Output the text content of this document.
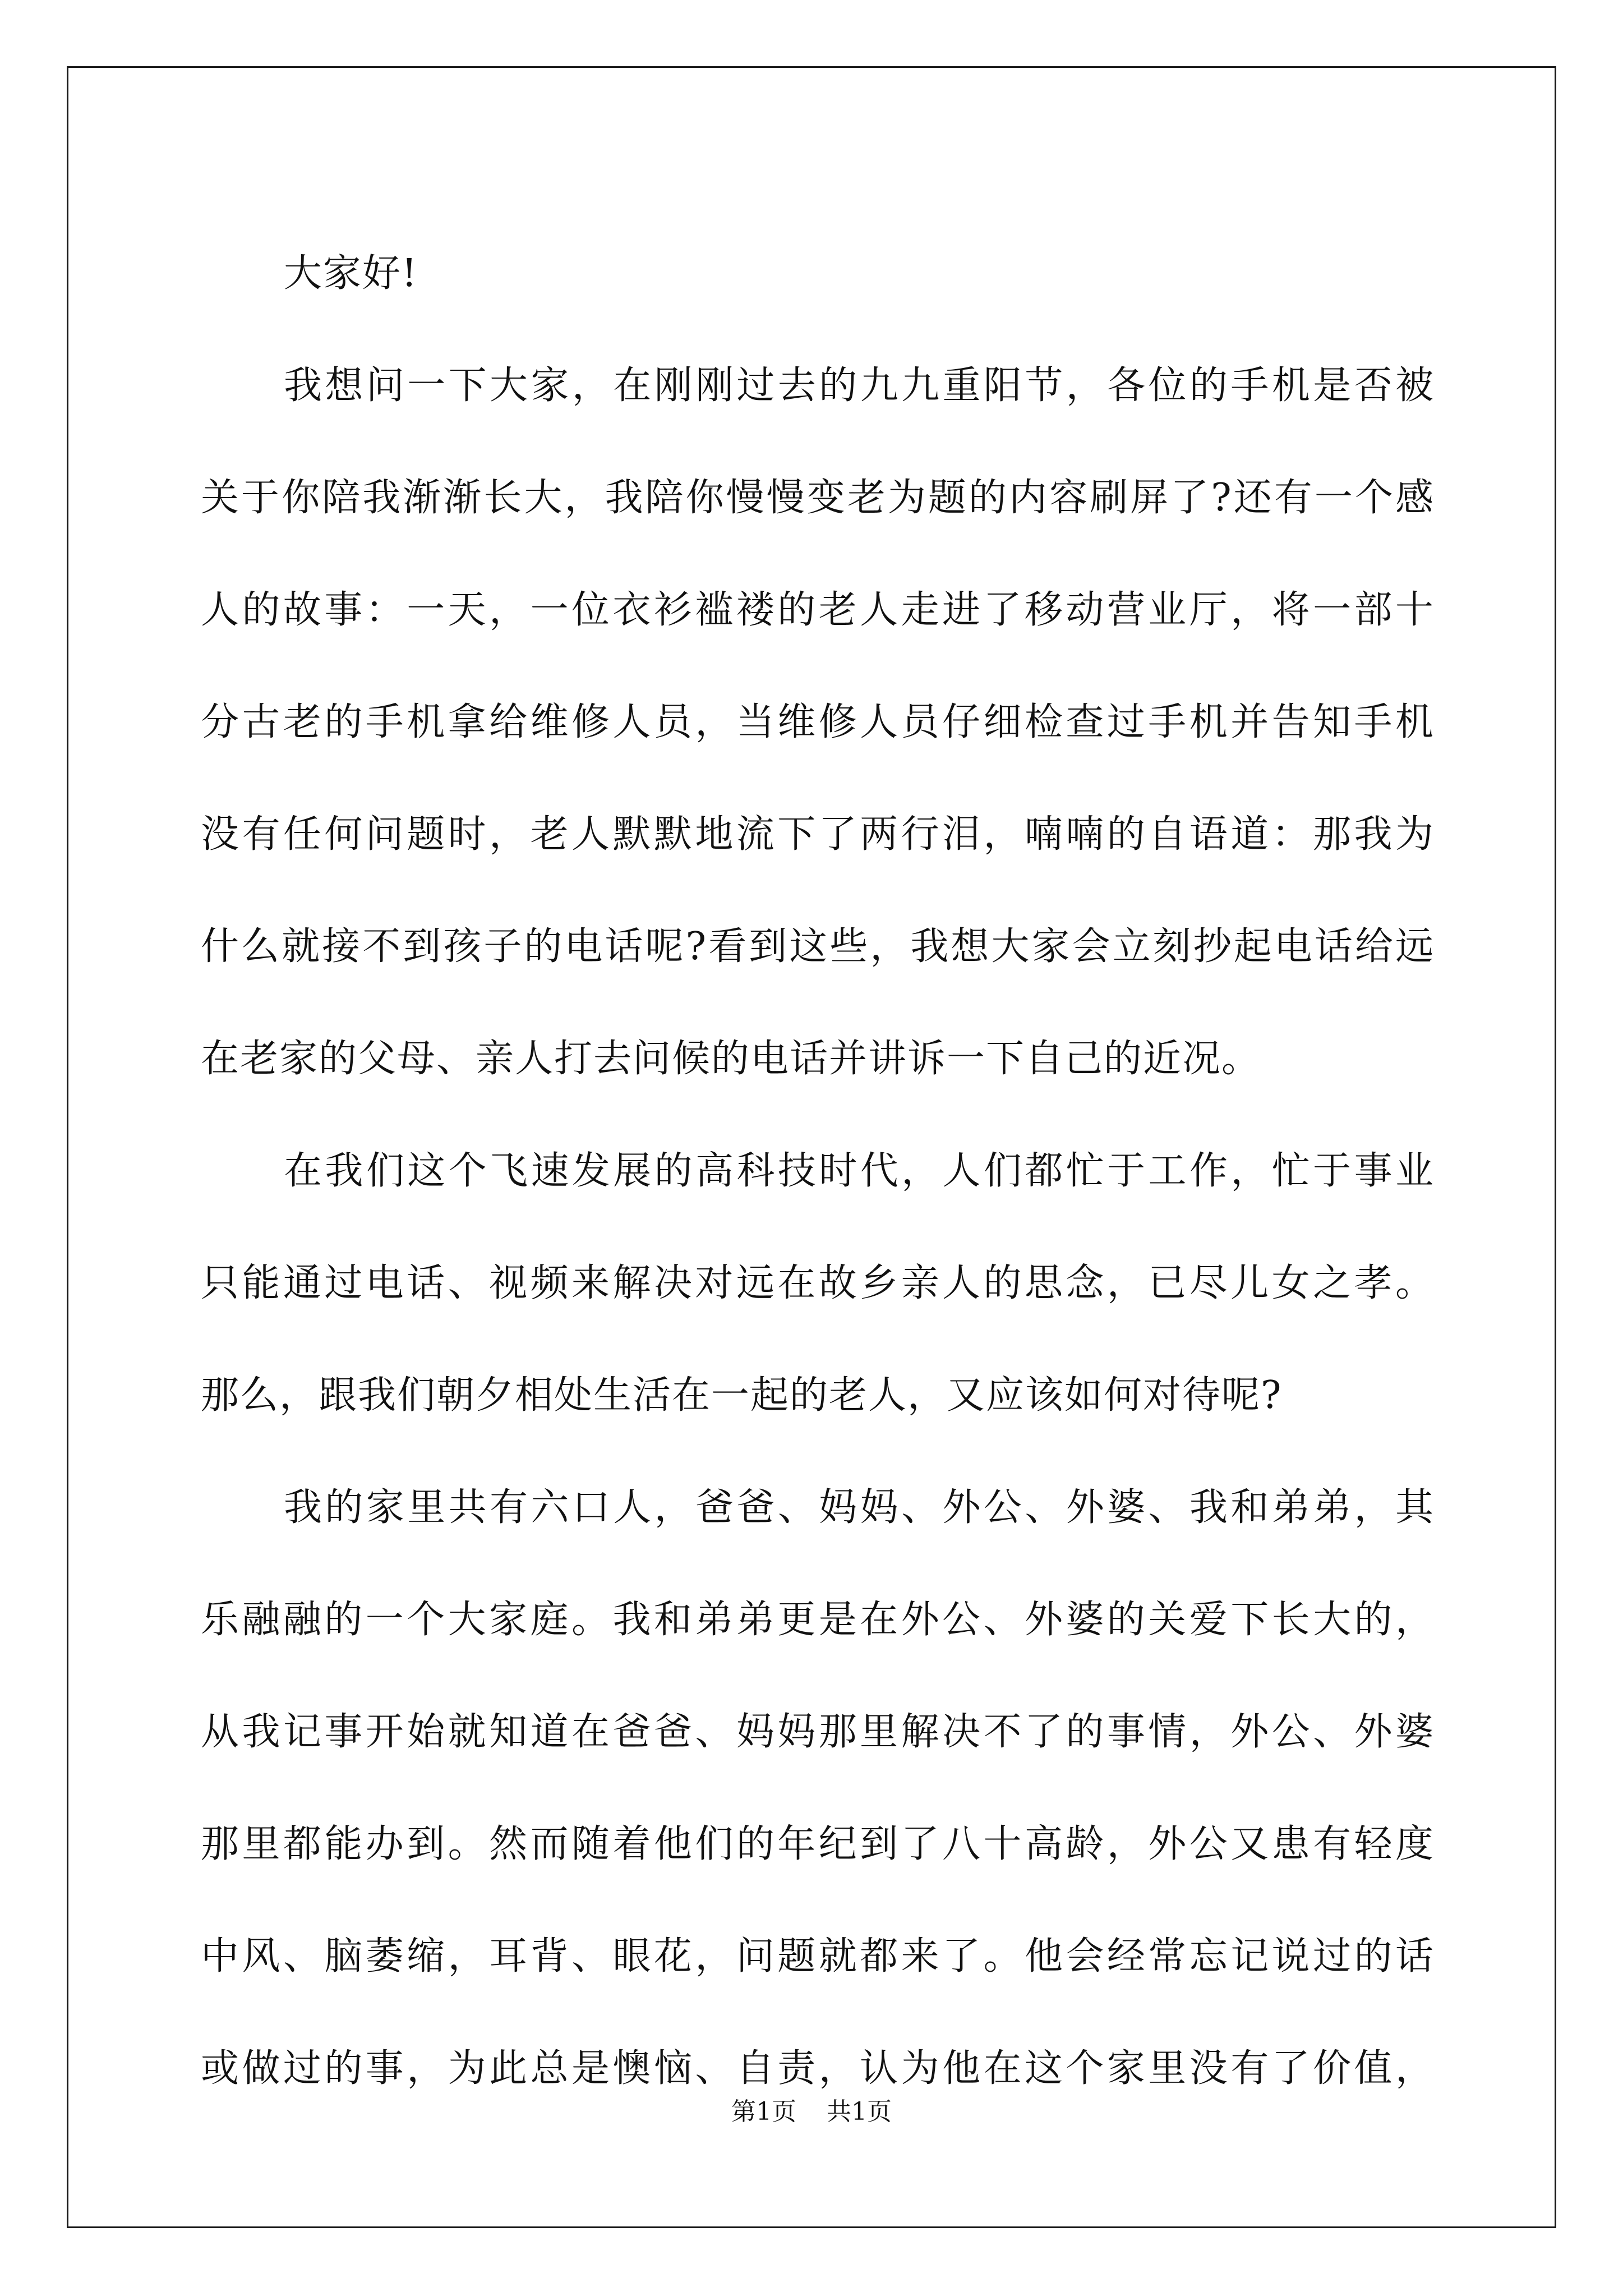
大家好!
我想问一下大家，在刚刚过去的九九重阳节，各位的手机是否被
关于你陪我渐渐长大，我陪你慢慢变老为题的内容刷屏了?还有一个感
人的故事：一天，一位衣衫褴褛的老人走进了移动营业厅，将一部十
分古老的手机拿给维修人员，当维修人员仔细检查过手机并告知手机
没有任何问题时，老人默默地流下了两行泪，喃喃的自语道：那我为
什么就接不到孩子的电话呢?看到这些，我想大家会立刻抄起电话给远
在老家的父母、亲人打去问候的电话并讲诉一下自己的近况。
在我们这个飞速发展的高科技时代，人们都忙于工作，忙于事业
只能通过电话、视频来解决对远在故乡亲人的思念，已尽儿女之孝。
那么，跟我们朝夕相处生活在一起的老人，又应该如何对待呢?
我的家里共有六口人，爸爸、妈妈、外公、外婆、我和弟弟，其
乐融融的一个大家庭。我和弟弟更是在外公、外婆的关爱下长大的，
从我记事开始就知道在爸爸、妈妈那里解决不了的事情，外公、外婆
那里都能办到。然而随着他们的年纪到了八十高龄，外公又患有轻度
中风、脑萎缩，耳背、眼花，问题就都来了。他会经常忘记说过的话
或做过的事，为此总是懊恼、自责，认为他在这个家里没有了价值，
第1页 共1页
